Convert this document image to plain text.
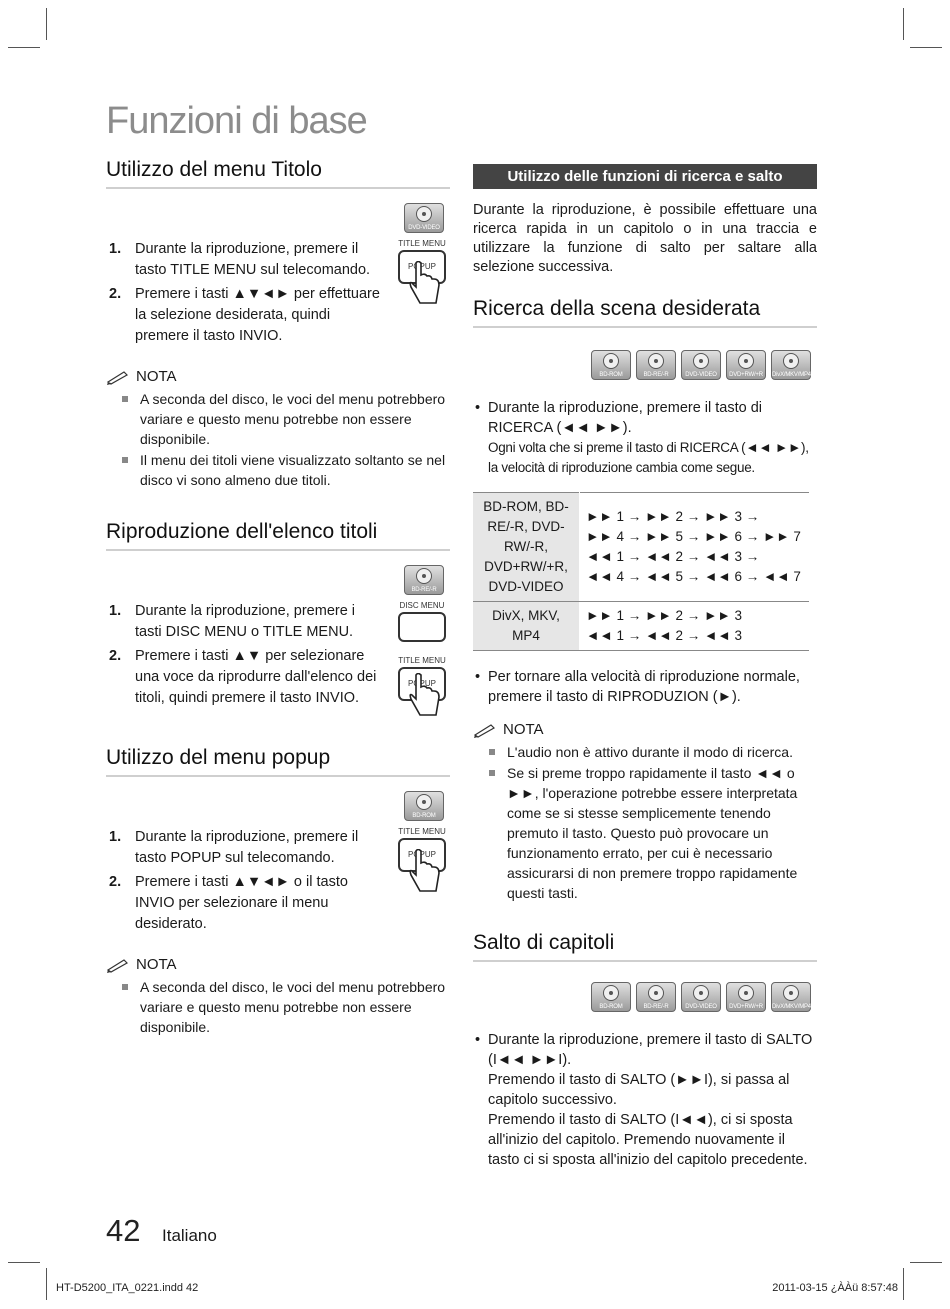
Funzioni di base
Utilizzo del menu Titolo
DVD-VIDEO
1. Durante la riproduzione, premere il tasto TITLE MENU sul telecomando.
2. Premere i tasti ▲▼◄► per effettuare la selezione desiderata, quindi premere il tasto INVIO.
TITLE MENU
POPUP
NOTA
A seconda del disco, le voci del menu potrebbero variare e questo menu potrebbe non essere disponibile.
Il menu dei titoli viene visualizzato soltanto se nel disco vi sono almeno due titoli.
Riproduzione dell'elenco titoli
BD-RE/-R
1. Durante la riproduzione, premere i tasti DISC MENU o TITLE MENU.
2. Premere i tasti ▲▼ per selezionare una voce da riprodurre dall'elenco dei titoli, quindi premere il tasto INVIO.
DISC MENU
TITLE MENU
POPUP
Utilizzo del menu popup
BD-ROM
1. Durante la riproduzione, premere il tasto POPUP sul telecomando.
2. Premere i tasti ▲▼◄► o il tasto INVIO per selezionare il menu desiderato.
TITLE MENU
POPUP
NOTA
A seconda del disco, le voci del menu potrebbero variare e questo menu potrebbe non essere disponibile.
Utilizzo delle funzioni di ricerca e salto

Durante la riproduzione, è possibile effettuare una ricerca rapida in un capitolo o in una traccia e utilizzare la funzione di salto per saltare alla selezione successiva.

Ricerca della scena desiderata
BD-ROM	BD-RE/-R	DVD-VIDEO	DVD+RW/+R	DivX/MKV/MP4
• Durante la riproduzione, premere il tasto di RICERCA (◄◄ ►►).
Ogni volta che si preme il tasto di RICERCA (◄◄ ►►), la velocità di riproduzione cambia come segue.
BD-ROM, BD-RE/-R, DVD-RW/-R, DVD+RW/+R, DVD-VIDEO	►► 1 → ►► 2 → ►► 3 →
►► 4 → ►► 5 → ►► 6 → ►► 7
◄◄ 1 → ◄◄ 2 → ◄◄ 3 →
◄◄ 4 → ◄◄ 5 → ◄◄ 6 → ◄◄ 7

DivX, MKV, MP4	►► 1 → ►► 2 → ►► 3
◄◄ 1 → ◄◄ 2 → ◄◄ 3
• Per tornare alla velocità di riproduzione normale, premere il tasto di RIPRODUZION (►).
NOTA
L'audio non è attivo durante il modo di ricerca.
Se si preme troppo rapidamente il tasto ◄◄ o ►►, l'operazione potrebbe essere interpretata come se si stesse semplicemente tenendo premuto il tasto. Questo può provocare un funzionamento errato, per cui è necessario assicurarsi di non premere troppo rapidamente questi tasti.
Salto di capitoli
BD-ROM	BD-RE/-R	DVD-VIDEO	DVD+RW/+R	DivX/MKV/MP4
• Durante la riproduzione, premere il tasto di SALTO (I◄◄ ►►I).
Premendo il tasto di SALTO (►►I), si passa al capitolo successivo.
Premendo il tasto di SALTO (I◄◄), ci si sposta all'inizio del capitolo. Premendo nuovamente il tasto ci si sposta all'inizio del capitolo precedente.
42 Italiano
HT-D5200_ITA_0221.indd 42	2011-03-15 ¿ÀÀü 8:57:48
